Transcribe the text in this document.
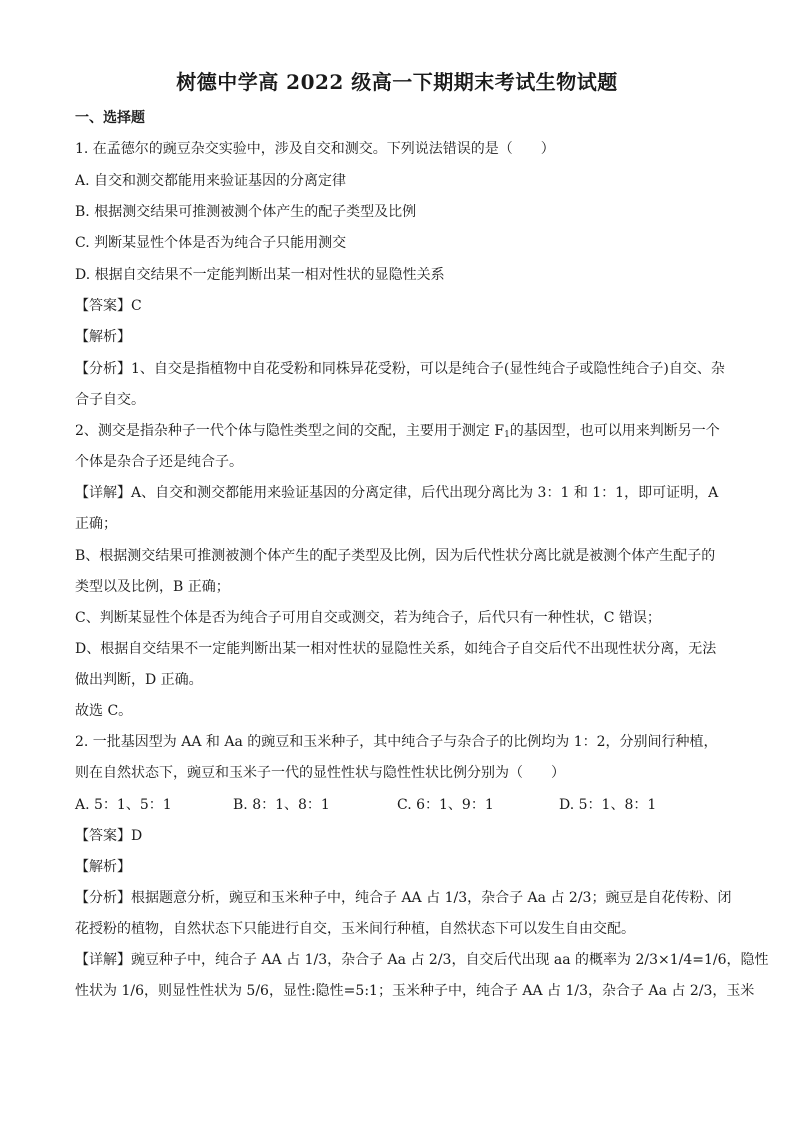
树德中学高 2022 级高一下期期末考试生物试题
一、选择题
1. 在孟德尔的豌豆杂交实验中，涉及自交和测交。下列说法错误的是（　　）
A. 自交和测交都能用来验证基因的分离定律
B. 根据测交结果可推测被测个体产生的配子类型及比例
C. 判断某显性个体是否为纯合子只能用测交
D. 根据自交结果不一定能判断出某一相对性状的显隐性关系
【答案】C
【解析】
【分析】1、自交是指植物中自花受粉和同株异花受粉，可以是纯合子(显性纯合子或隐性纯合子)自交、杂
合子自交。
2、测交是指杂种子一代个体与隐性类型之间的交配，主要用于测定 $F_1$的基因型，也可以用来判断另一个
个体是杂合子还是纯合子。
【详解】A、自交和测交都能用来验证基因的分离定律，后代出现分离比为 3：1 和 1：1，即可证明，A
正确；
B、根据测交结果可推测被测个体产生的配子类型及比例，因为后代性状分离比就是被测个体产生配子的
类型以及比例，B 正确；
C、判断某显性个体是否为纯合子可用自交或测交，若为纯合子，后代只有一种性状，C 错误；
D、根据自交结果不一定能判断出某一相对性状的显隐性关系，如纯合子自交后代不出现性状分离，无法
做出判断，D 正确。
故选 C。
2. 一批基因型为 AA 和 Aa 的豌豆和玉米种子，其中纯合子与杂合子的比例均为 1：2，分别间行种植，
则在自然状态下，豌豆和玉米子一代的显性性状与隐性性状比例分别为（　　）
A. 5：1、5：1	B. 8：1、8：1	C. 6：1、9：1	D. 5：1、8：1
【答案】D
【解析】
【分析】根据题意分析，豌豆和玉米种子中，纯合子 AA 占 1/3，杂合子 Aa 占 2/3；豌豆是自花传粉、闭
花授粉的植物，自然状态下只能进行自交，玉米间行种植，自然状态下可以发生自由交配。
【详解】豌豆种子中，纯合子 AA 占 1/3，杂合子 Aa 占 2/3，自交后代出现 aa 的概率为 2/3×1/4=1/6，隐性
性状为 1/6，则显性性状为 5/6，显性:隐性=5:1；玉米种子中，纯合子 AA 占 1/3，杂合子 Aa 占 2/3，玉米
